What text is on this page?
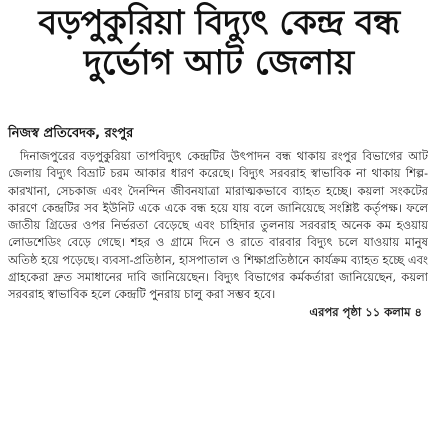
বড়পুকুরিয়া বিদ্যুৎ কেন্দ্র বন্ধ
দুর্ভোগ আট জেলায়
নিজস্ব প্রতিবেদক, রংপুর
দিনাজপুরের বড়পুকুরিয়া তাপবিদ্যুৎ কেন্দ্রটির উৎপাদন বন্ধ থাকায় রংপুর বিভাগের আট জেলায় বিদ্যুৎ বিভ্রাট চরম আকার ধারণ করেছে। বিদ্যুৎ সরবরাহ স্বাভাবিক না থাকায় শিল্প-কারখানা, সেচকাজ এবং দৈনন্দিন জীবনযাত্রা মারাত্মকভাবে ব্যাহত হচ্ছে। কয়লা সংকটের কারণে কেন্দ্রটির সব ইউনিট একে একে বন্ধ হয়ে যায় বলে জানিয়েছে সংশ্লিষ্ট কর্তৃপক্ষ। ফলে জাতীয় গ্রিডের ওপর নির্ভরতা বেড়েছে এবং চাহিদার তুলনায় সরবরাহ অনেক কম হওয়ায় লোডশেডিং বেড়ে গেছে। শহর ও গ্রামে দিনে ও রাতে বারবার বিদ্যুৎ চলে যাওয়ায় মানুষ অতিষ্ঠ হয়ে পড়েছে। ব্যবসা-প্রতিষ্ঠান, হাসপাতাল ও শিক্ষাপ্রতিষ্ঠানে কার্যক্রম ব্যাহত হচ্ছে এবং গ্রাহকেরা দ্রুত সমাধানের দাবি জানিয়েছেন। বিদ্যুৎ বিভাগের কর্মকর্তারা জানিয়েছেন, কয়লা সরবরাহ স্বাভাবিক হলে কেন্দ্রটি পুনরায় চালু করা সম্ভব হবে।
এরপর পৃষ্ঠা ১১ কলাম ৪
